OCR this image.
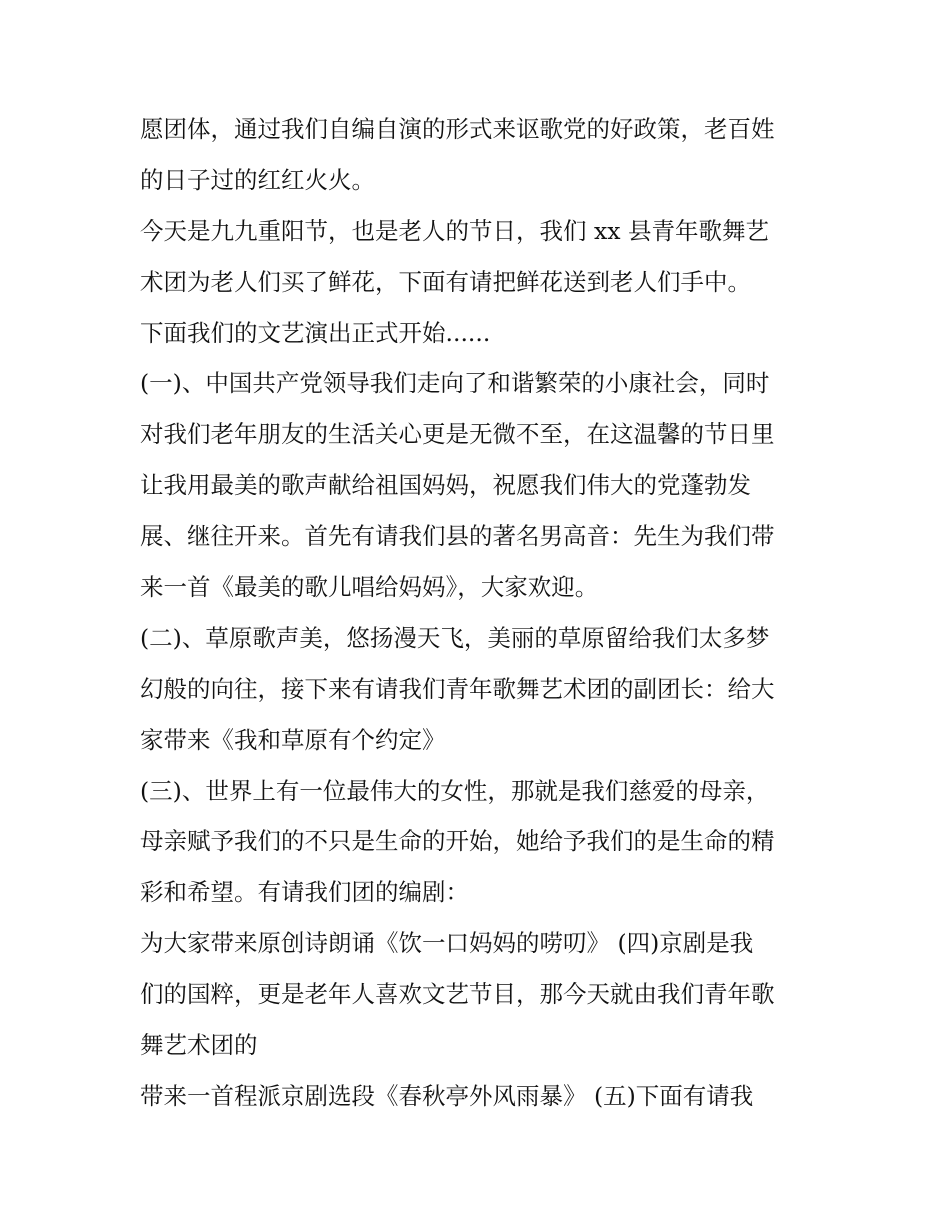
愿团体，通过我们自编自演的形式来讴歌党的好政策，老百姓
的日子过的红红火火。
今天是九九重阳节，也是老人的节日，我们 xx 县青年歌舞艺
术团为老人们买了鲜花，下面有请把鲜花送到老人们手中。
下面我们的文艺演出正式开始......
(一)、中国共产党领导我们走向了和谐繁荣的小康社会，同时
对我们老年朋友的生活关心更是无微不至，在这温馨的节日里
让我用最美的歌声献给祖国妈妈，祝愿我们伟大的党蓬勃发
展、继往开来。首先有请我们县的著名男高音：先生为我们带
来一首《最美的歌儿唱给妈妈》，大家欢迎。
(二)、草原歌声美，悠扬漫天飞，美丽的草原留给我们太多梦
幻般的向往，接下来有请我们青年歌舞艺术团的副团长：给大
家带来《我和草原有个约定》
(三)、世界上有一位最伟大的女性，那就是我们慈爱的母亲，
母亲赋予我们的不只是生命的开始，她给予我们的是生命的精
彩和希望。有请我们团的编剧：
为大家带来原创诗朗诵《饮一口妈妈的唠叨》 (四)京剧是我
们的国粹，更是老年人喜欢文艺节目，那今天就由我们青年歌
舞艺术团的
带来一首程派京剧选段《春秋亭外风雨暴》 (五)下面有请我
